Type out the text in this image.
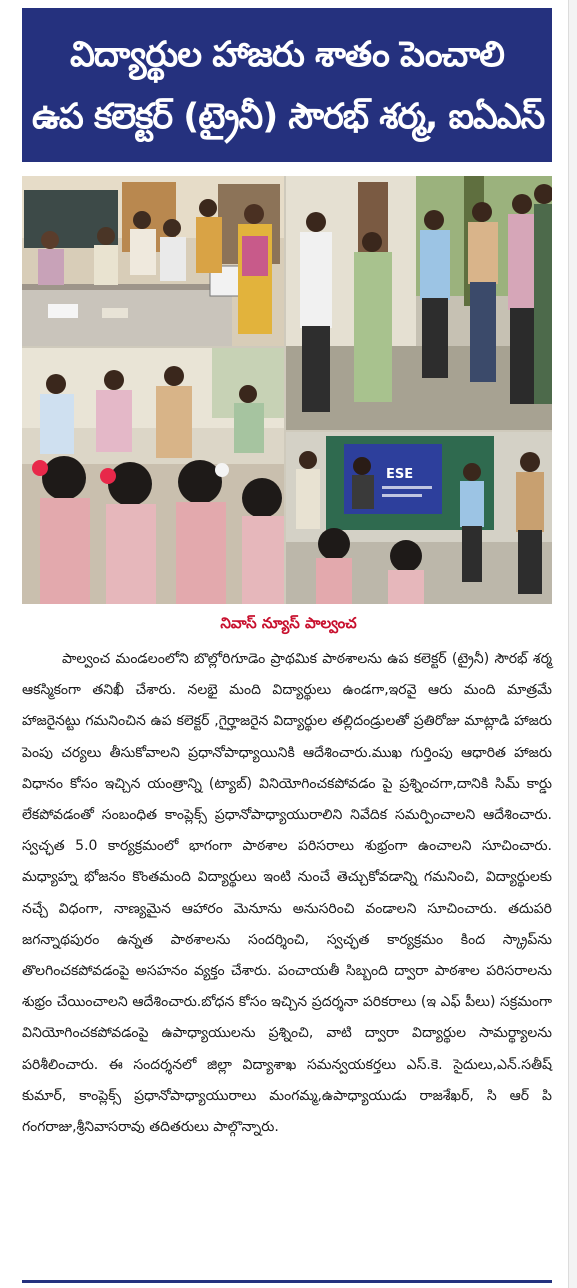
విద్యార్థుల హాజరు శాతం పెంచాలి
ఉప కలెక్టర్ (ట్రైనీ) సౌరభ్ శర్మ, ఐఏఎస్
ESE
నివాస్ న్యూస్ పాల్వంచ

పాల్వంచ మండలంలోని బొల్లోరిగూడెం ప్రాథమిక పాఠశాలను ఉప కలెక్టర్ (ట్రైనీ) సౌరభ్ శర్మ ఆకస్మికంగా తనిఖీ చేశారు. నలభై మంది విద్యార్థులు ఉండగా,ఇరవై ఆరు మంది మాత్రమే హాజరైనట్టు గమనించిన ఉప కలెక్టర్ ,గైర్హాజరైన విద్యార్థుల తల్లిదండ్రులతో ప్రతిరోజు మాట్లాడి హాజరు పెంపు చర్యలు తీసుకోవాలని ప్రధానోపాధ్యాయినికి ఆదేశించారు.ముఖ గుర్తింపు ఆధారిత హాజరు విధానం కోసం ఇచ్చిన యంత్రాన్ని (ట్యాబ్) వినియోగించకపోవడం పై ప్రశ్నించగా,దానికి సిమ్ కార్డు లేకపోవడంతో సంబంధిత కాంప్లెక్స్ ప్రధానోపాధ్యాయురాలిని నివేదిక సమర్పించాలని ఆదేశించారు. స్వచ్ఛత 5.0 కార్యక్రమంలో భాగంగా పాఠశాల పరిసరాలు శుభ్రంగా ఉంచాలని సూచించారు. మధ్యాహ్న భోజనం కొంతమంది విద్యార్థులు ఇంటి నుంచే తెచ్చుకోవడాన్ని గమనించి, విద్యార్థులకు నచ్చే విధంగా, నాణ్యమైన ఆహారం మెనూను అనుసరించి వండాలని సూచించారు. తదుపరి జగన్నాథపురం ఉన్నత పాఠశాలను సందర్శించి, స్వచ్ఛత కార్యక్రమం కింద స్క్రాప్‌ను తొలగించకపోవడంపై అసహనం వ్యక్తం చేశారు. పంచాయతీ సిబ్బంది ద్వారా పాఠశాల పరిసరాలను శుభ్రం చేయించాలని ఆదేశించారు.బోధన కోసం ఇచ్చిన ప్రదర్శనా పరికరాలు (ఇ ఎఫ్ పీలు) సక్రమంగా వినియోగించకపోవడంపై ఉపాధ్యాయులను ప్రశ్నించి, వాటి ద్వారా విద్యార్థుల సామర్థ్యాలను పరిశీలించారు. ఈ సందర్శనలో జిల్లా విద్యాశాఖ సమన్వయకర్తలు ఎస్.కె. సైదులు,ఎన్.సతీష్ కుమార్, కాంప్లెక్స్ ప్రధానోపాధ్యాయురాలు మంగమ్మ,ఉపాధ్యాయుడు రాజశేఖర్, సి ఆర్ పి గంగరాజు,శ్రీనివాసరావు తదితరులు పాల్గొన్నారు.
